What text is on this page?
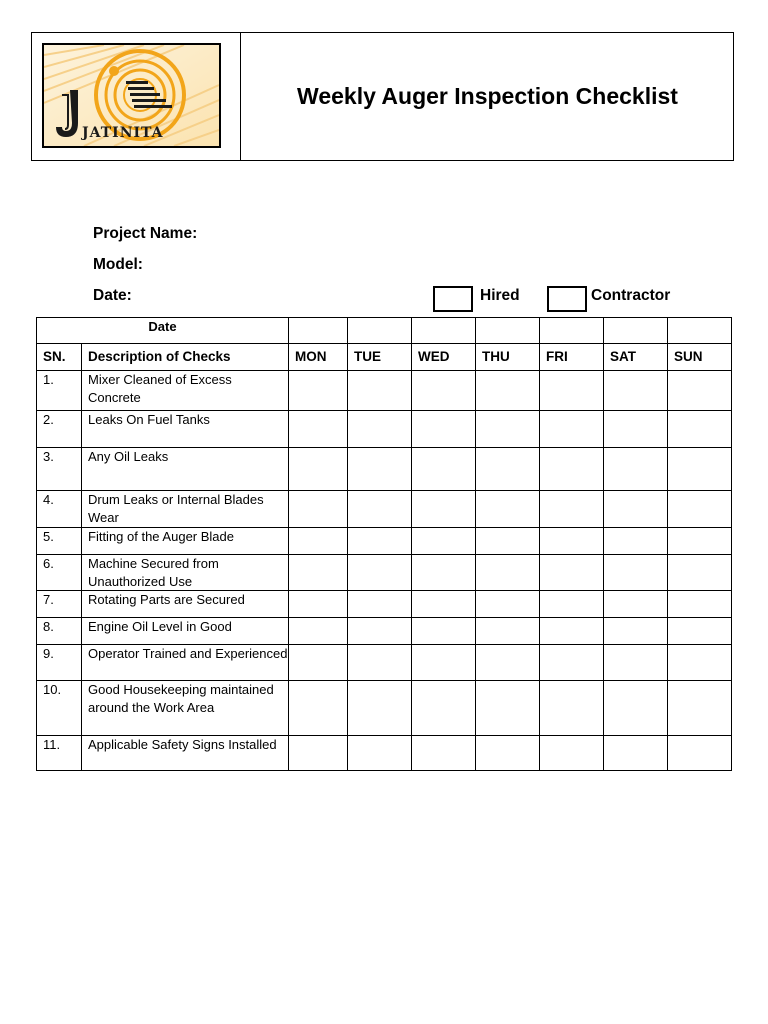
JATINITA
Weekly Auger Inspection Checklist
Project Name:
Model:
Date:	Hired	Contractor
Date								
SN.	Description of Checks	MON	TUE	WED	THU	FRI	SAT	SUN
1.	Mixer Cleaned of Excess Concrete							
2.	Leaks On Fuel Tanks							
3.	Any Oil Leaks							
4.	Drum Leaks or Internal Blades Wear							
5.	Fitting of the Auger Blade							
6.	Machine Secured from Unauthorized Use							
7.	Rotating Parts are Secured							
8.	Engine Oil Level in Good							
9.	Operator Trained and Experienced							
10.	Good Housekeeping maintained around the Work Area							
11.	Applicable Safety Signs Installed							
